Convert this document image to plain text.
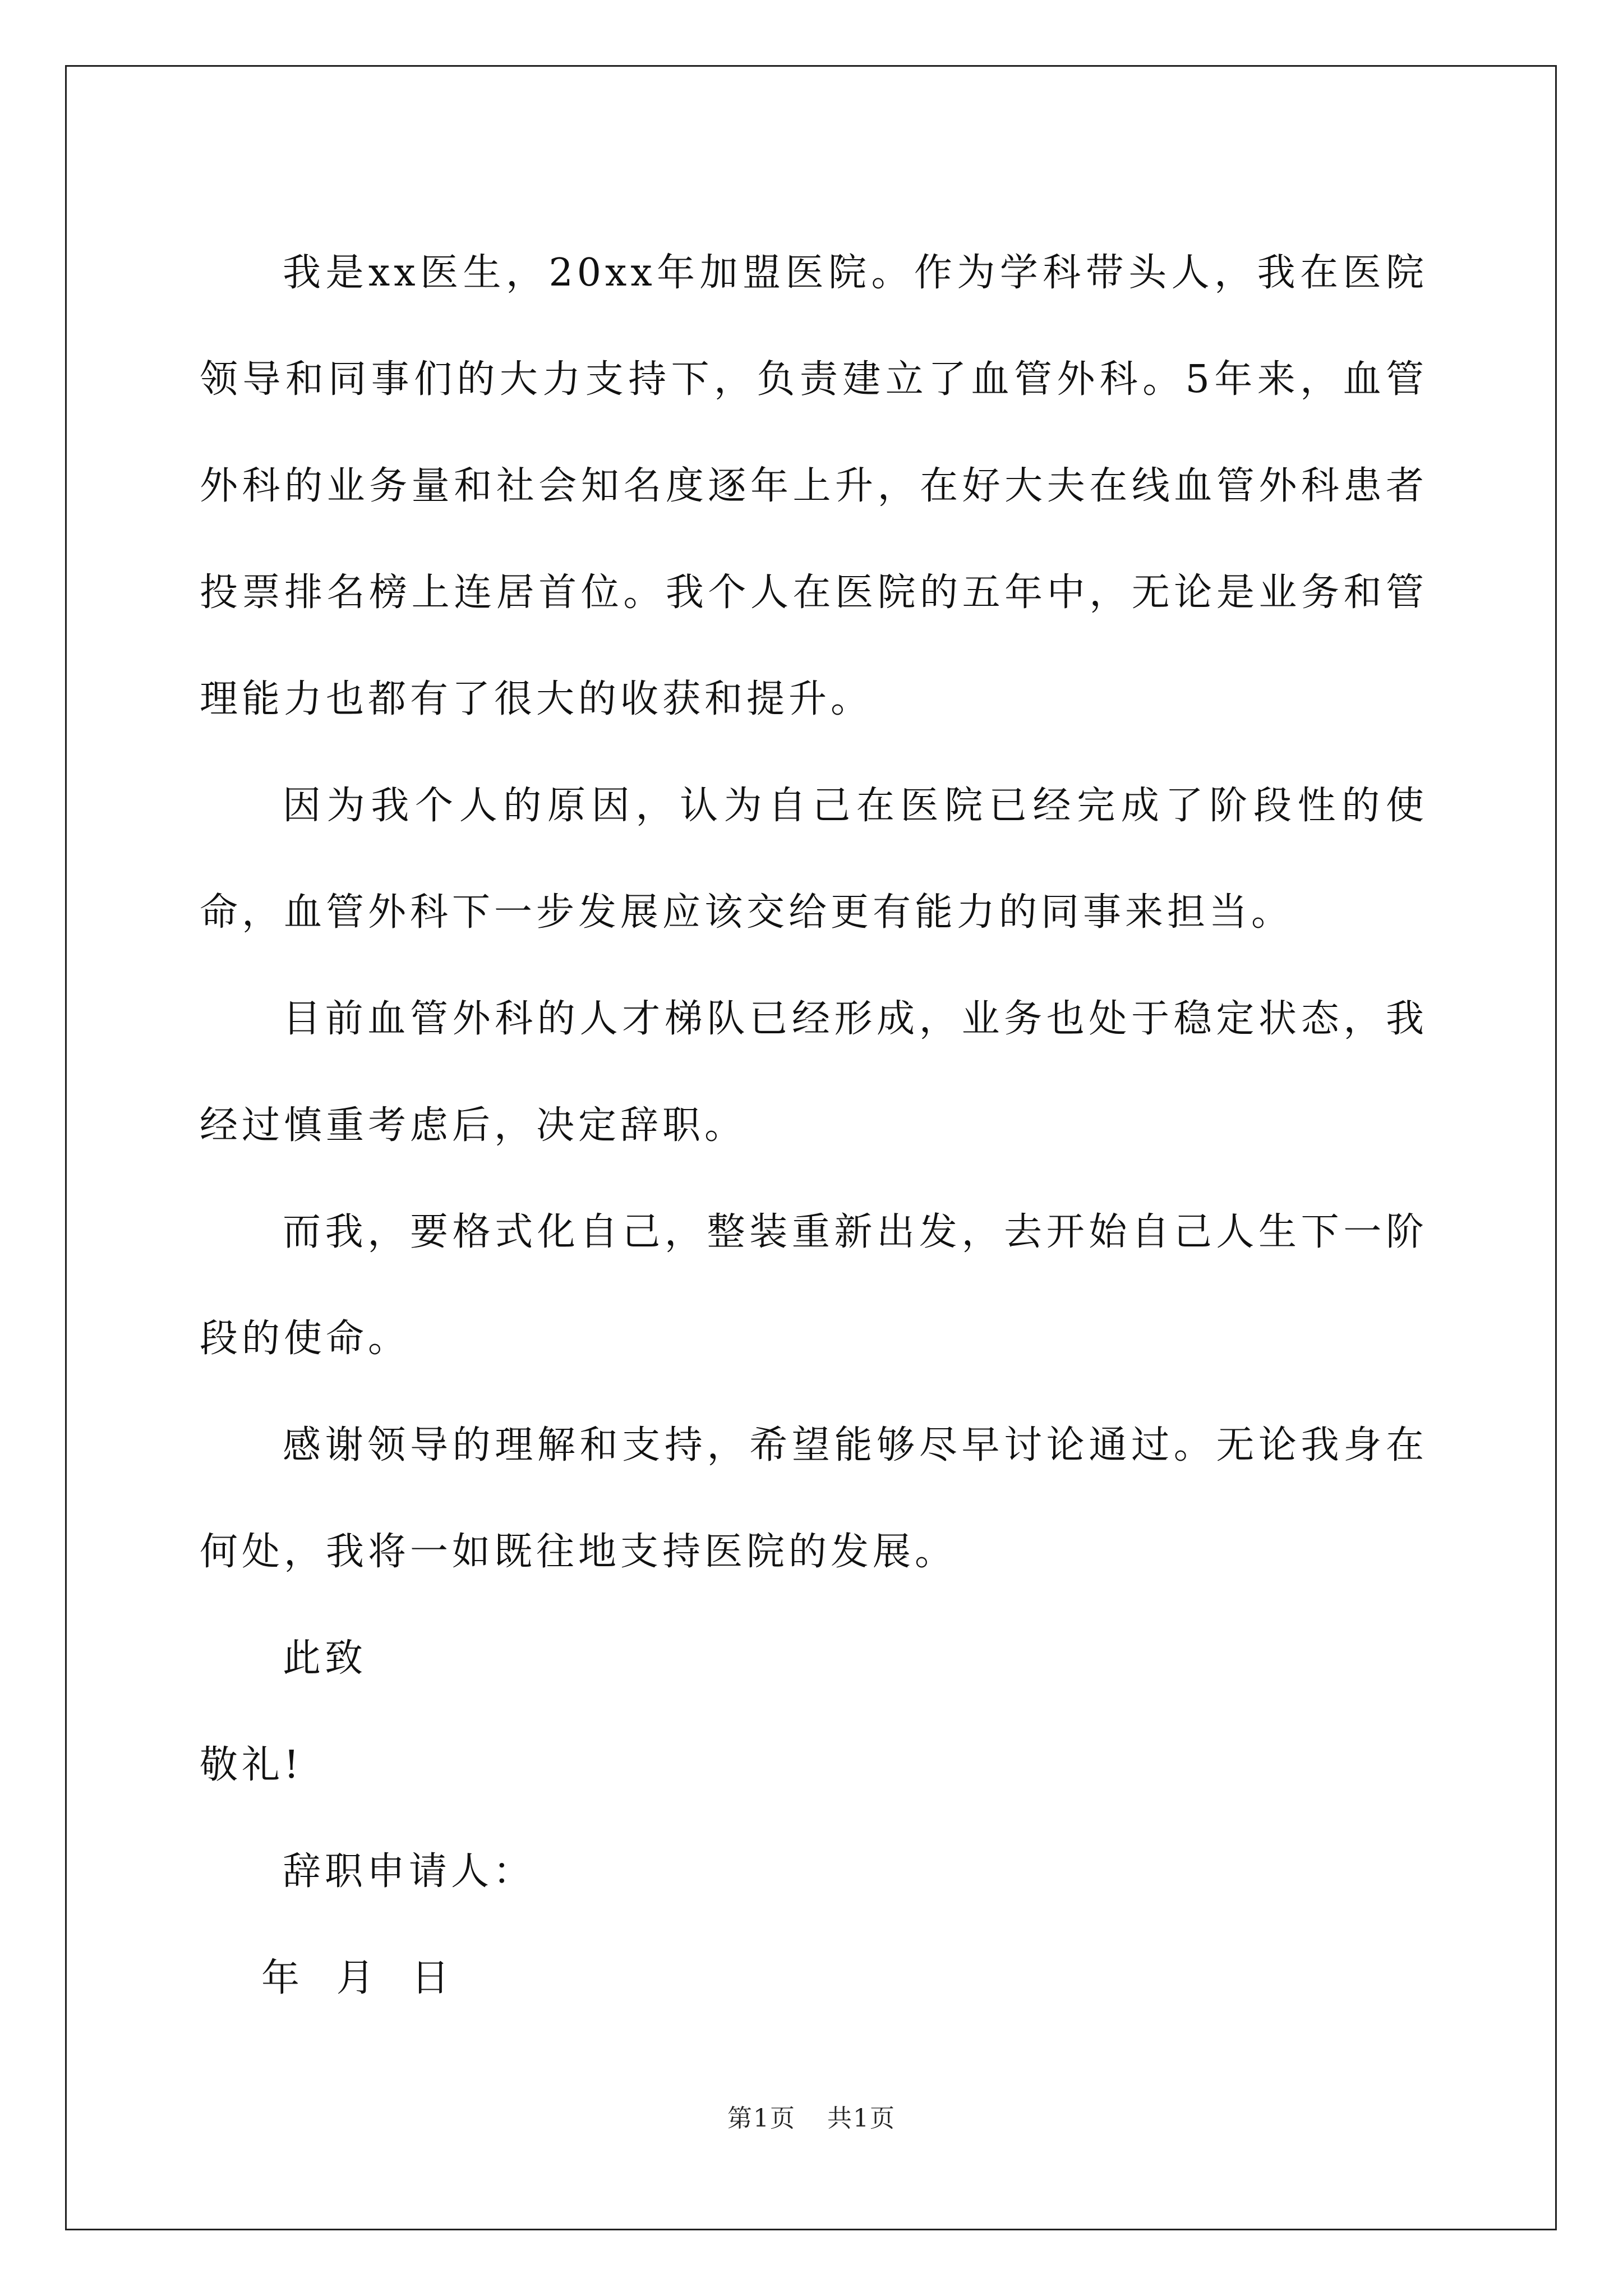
我是xx医生，20xx年加盟医院。作为学科带头人，我在医院领导和同事们的大力支持下，负责建立了血管外科。5年来，血管外科的业务量和社会知名度逐年上升，在好大夫在线血管外科患者投票排名榜上连居首位。我个人在医院的五年中，无论是业务和管理能力也都有了很大的收获和提升。

因为我个人的原因，认为自己在医院已经完成了阶段性的使命，血管外科下一步发展应该交给更有能力的同事来担当。

目前血管外科的人才梯队已经形成，业务也处于稳定状态，我经过慎重考虑后，决定辞职。

而我，要格式化自己，整装重新出发，去开始自己人生下一阶段的使命。

感谢领导的理解和支持，希望能够尽早讨论通过。无论我身在何处，我将一如既往地支持医院的发展。

此致

敬礼!

辞职申请人：

年 月 日

第1页 共1页
